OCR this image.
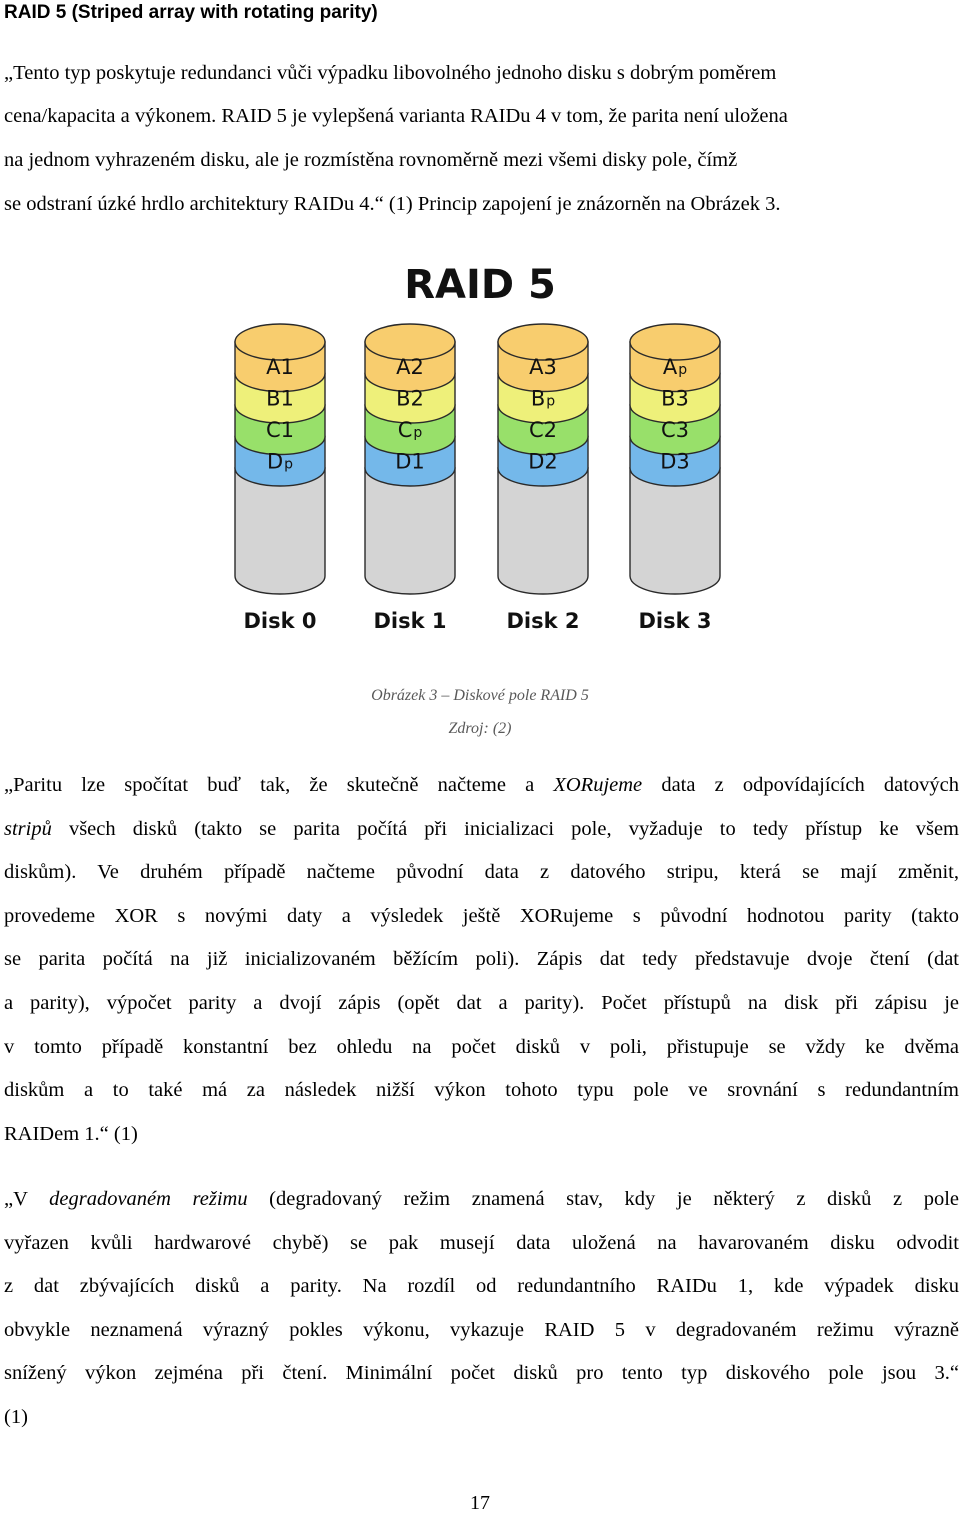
RAID 5 (Striped array with rotating parity)
„Tento typ poskytuje redundanci vůči výpadku libovolného jednoho disku s dobrým poměrem
cena/kapacita a výkonem. RAID 5 je vylepšená varianta RAIDu 4 v tom, že parita není uložena
na jednom vyhrazeném disku, ale je rozmístěna rovnoměrně mezi všemi disky pole, čímž
se odstraní úzké hrdlo architektury RAIDu 4.“ (1) Princip zapojení je znázorněn na Obrázek 3.
RAID 5
A1
B1
C1
Dp
Disk 0
A2
B2
Cp
D1
Disk 1
A3
Bp
C2
D2
Disk 2
Ap
B3
C3
D3
Disk 3
Obrázek 3 – Diskové pole RAID 5
Zdroj: (2)
„Paritu lze spočítat buď tak, že skutečně načteme a XORujeme data z odpovídajících datových
stripů všech disků (takto se parita počítá při inicializaci pole, vyžaduje to tedy přístup ke všem
diskům). Ve druhém případě načteme původní data z datového stripu, která se mají změnit,
provedeme XOR s novými daty a výsledek ještě XORujeme s původní hodnotou parity (takto
se parita počítá na již inicializovaném běžícím poli). Zápis dat tedy představuje dvoje čtení (dat
a parity), výpočet parity a dvojí zápis (opět dat a parity). Počet přístupů na disk při zápisu je
v tomto případě konstantní bez ohledu na počet disků v poli, přistupuje se vždy ke dvěma
diskům a to také má za následek nižší výkon tohoto typu pole ve srovnání s redundantním
RAIDem 1.“ (1)
„V degradovaném režimu (degradovaný režim znamená stav, kdy je některý z disků z pole
vyřazen kvůli hardwarové chybě) se pak musejí data uložená na havarovaném disku odvodit
z dat zbývajících disků a parity. Na rozdíl od redundantního RAIDu 1, kde výpadek disku
obvykle neznamená výrazný pokles výkonu, vykazuje RAID 5 v degradovaném režimu výrazně
snížený výkon zejména při čtení. Minimální počet disků pro tento typ diskového pole jsou 3.“
(1)
17
